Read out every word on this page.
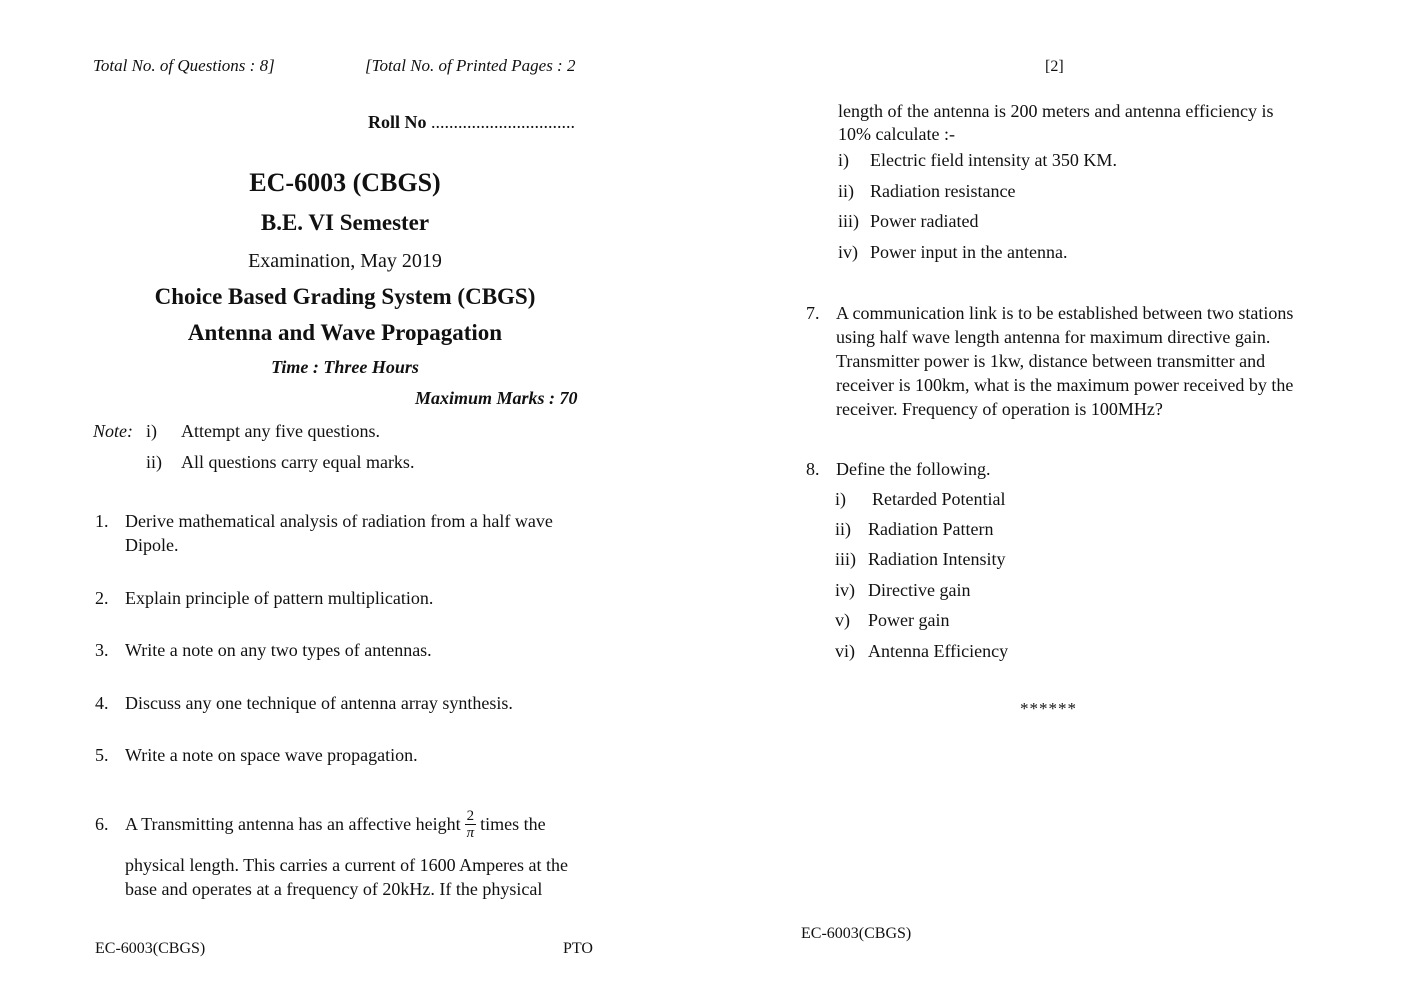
Total No. of Questions : 8]	[Total No. of Printed Pages : 2
Roll No ................................
EC-6003 (CBGS)
B.E. VI Semester
Examination, May 2019
Choice Based Grading System (CBGS)
Antenna and Wave Propagation
Time : Three Hours
Maximum Marks : 70
Note: i) Attempt any five questions.
ii) All questions carry equal marks.
1. Derive mathematical analysis of radiation from a half wave Dipole.
2. Explain principle of pattern multiplication.
3. Write a note on any two types of antennas.
4. Discuss any one technique of antenna array synthesis.
5. Write a note on space wave propagation.
6. A Transmitting antenna has an affective height $\frac{2}{\pi}$ times the
physical length. This carries a current of 1600 Amperes at the base and operates at a frequency of 20kHz. If the physical
EC-6003(CBGS)	PTO
[2]
length of the antenna is 200 meters and antenna efficiency is 10% calculate :-
i) Electric field intensity at 350 KM.
ii) Radiation resistance
iii) Power radiated
iv) Power input in the antenna.
7. A communication link is to be established between two stations using half wave length antenna for maximum directive gain. Transmitter power is 1kw, distance between transmitter and receiver is 100km, what is the maximum power received by the receiver. Frequency of operation is 100MHz?
8. Define the following.
i) Retarded Potential
ii) Radiation Pattern
iii) Radiation Intensity
iv) Directive gain
v) Power gain
vi) Antenna Efficiency
******
EC-6003(CBGS)
